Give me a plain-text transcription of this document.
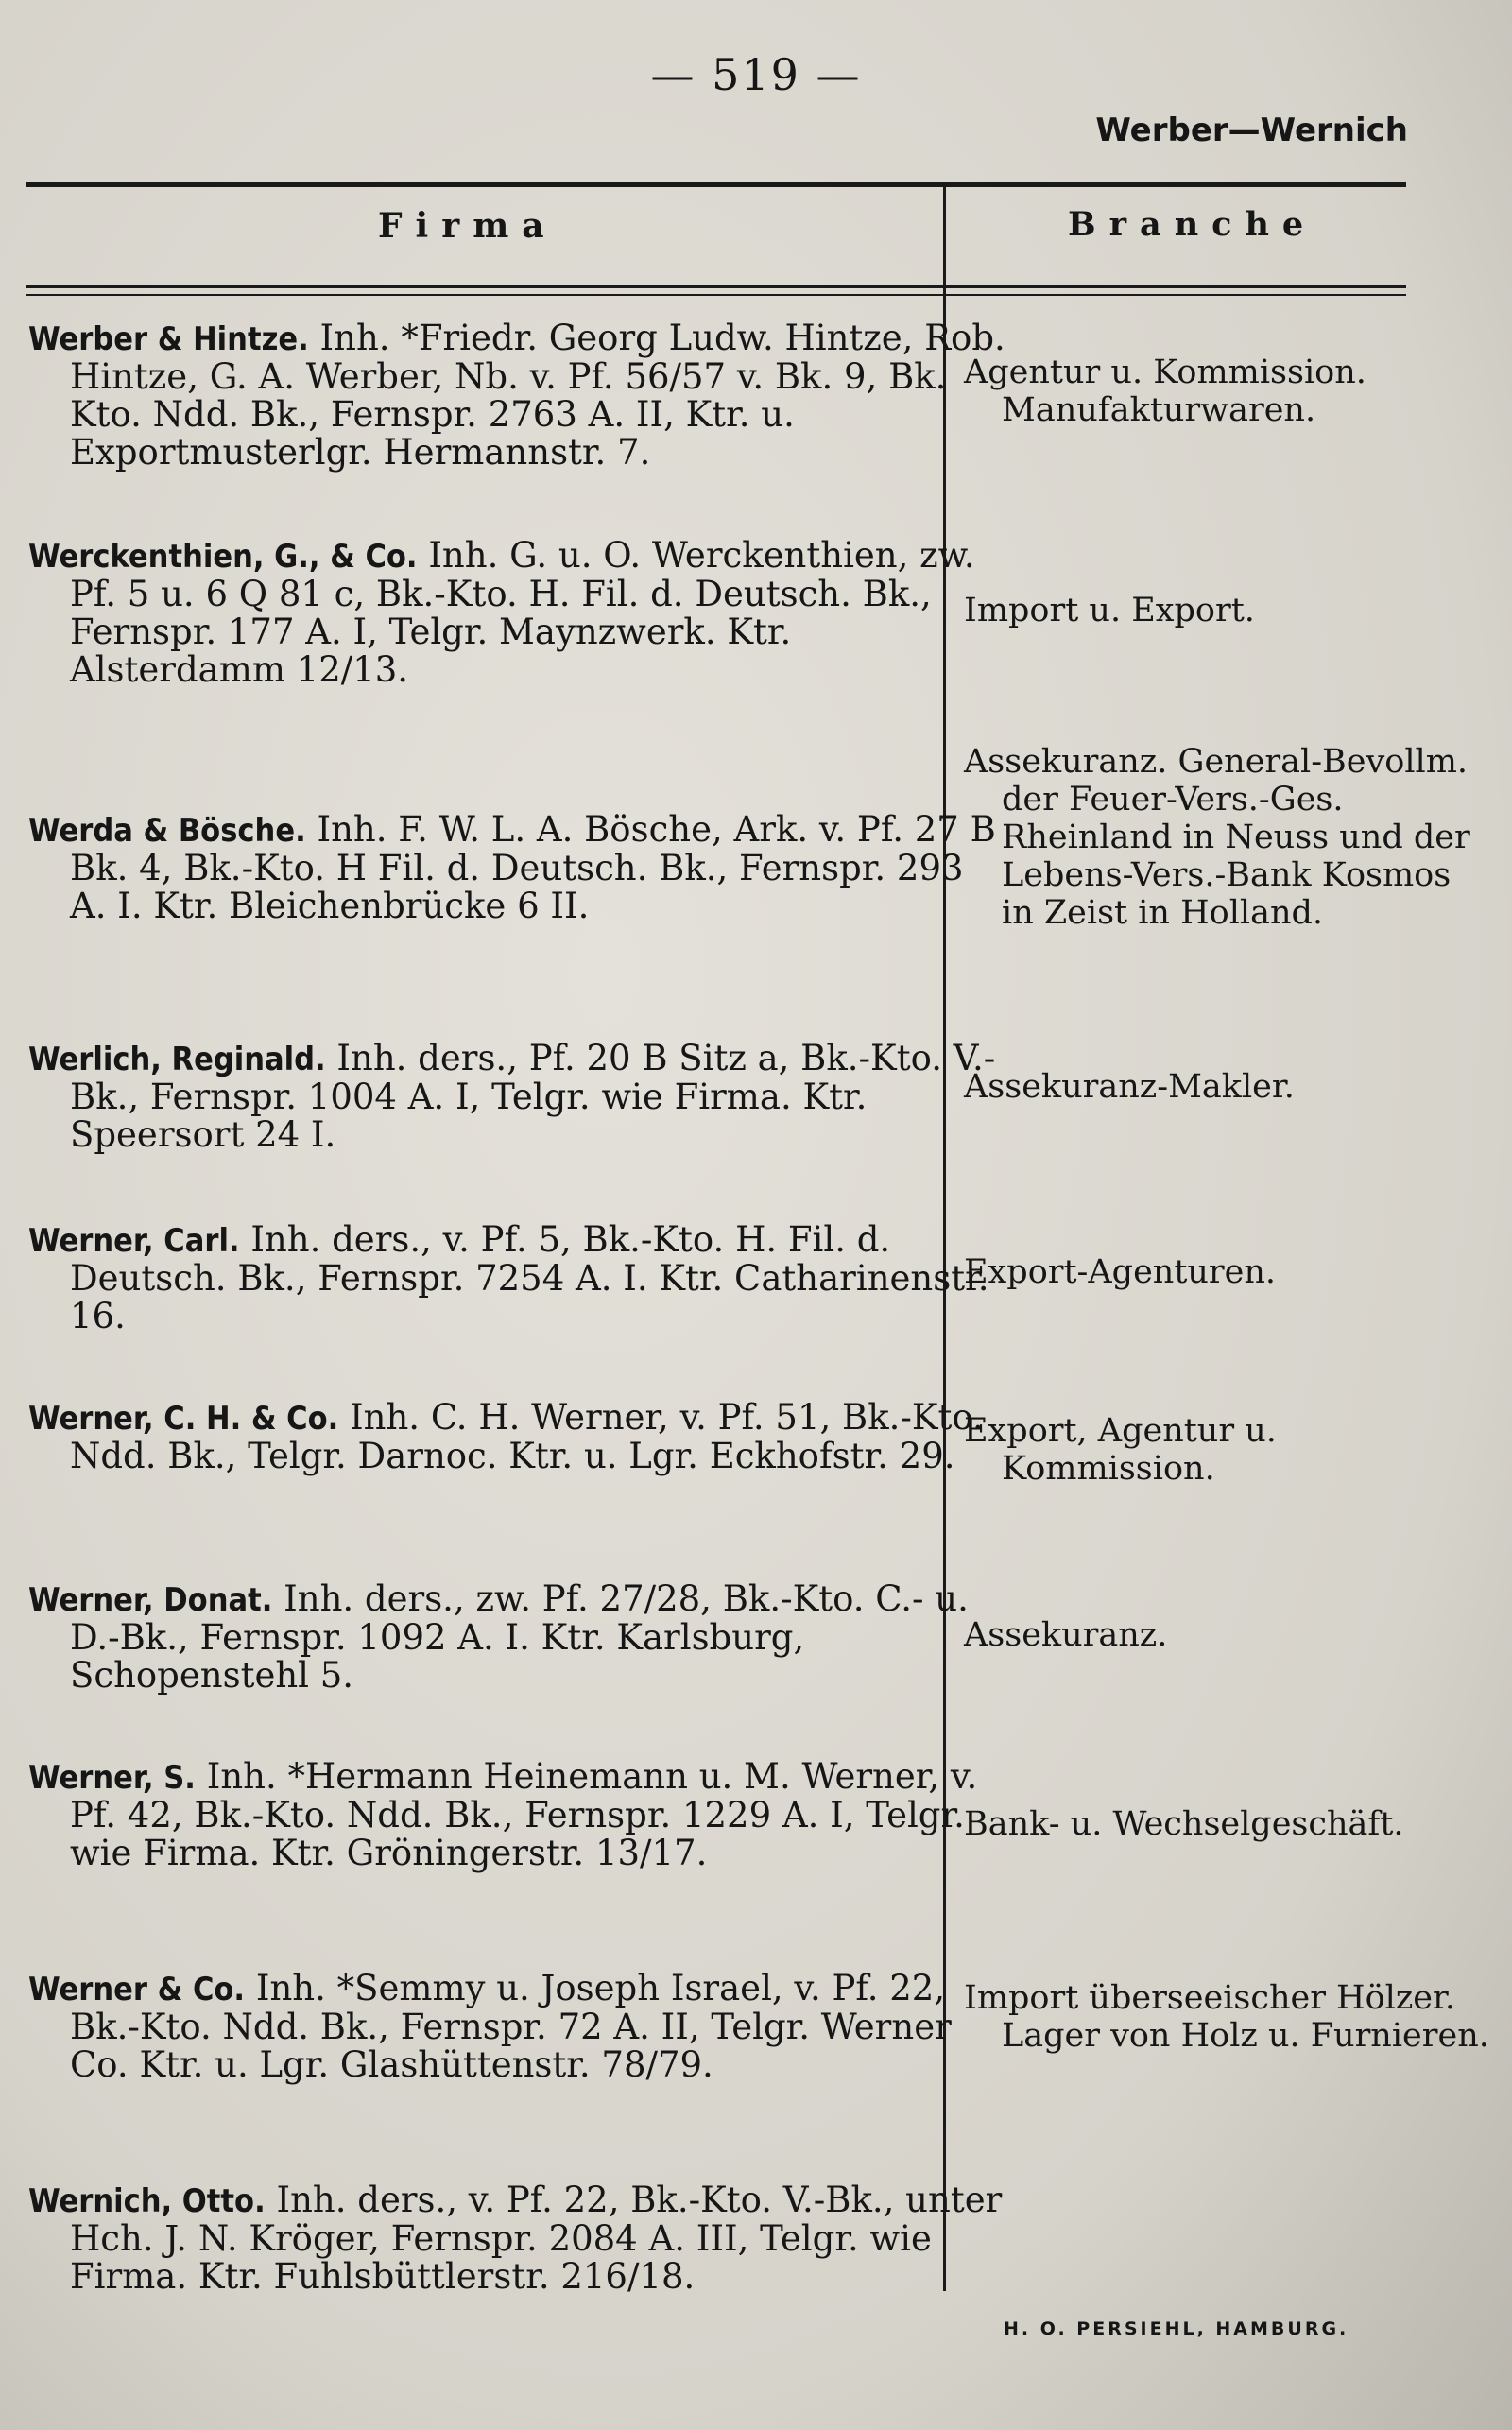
— 519 —
Werber—Wernich
Firma	Branche
Werber & Hintze. Inh. *Friedr. Georg Ludw. Hintze, Rob. Hintze, G. A. Werber, Nb. v. Pf. 56/57 v. Bk. 9, Bk. Kto. Ndd. Bk., Fernspr. 2763 A. II, Ktr. u. Exportmusterlgr. Hermannstr. 7.
Agentur u. Kommission. Manufakturwaren.
Werckenthien, G., & Co. Inh. G. u. O. Werckenthien, zw. Pf. 5 u. 6 Q 81 c, Bk.-Kto. H. Fil. d. Deutsch. Bk., Fernspr. 177 A. I, Telgr. Maynzwerk. Ktr. Alsterdamm 12/13.
Import u. Export.
Werda & Bösche. Inh. F. W. L. A. Bösche, Ark. v. Pf. 27 B Bk. 4, Bk.-Kto. H Fil. d. Deutsch. Bk., Fernspr. 293 A. I. Ktr. Bleichenbrücke 6 II.
Assekuranz. General-Bevollm. der Feuer-Vers.-Ges. Rheinland in Neuss und der Lebens-Vers.-Bank Kosmos in Zeist in Holland.
Werlich, Reginald. Inh. ders., Pf. 20 B Sitz a, Bk.-Kto. V.-Bk., Fernspr. 1004 A. I, Telgr. wie Firma. Ktr. Speersort 24 I.
Assekuranz-Makler.
Werner, Carl. Inh. ders., v. Pf. 5, Bk.-Kto. H. Fil. d. Deutsch. Bk., Fernspr. 7254 A. I. Ktr. Catharinenstr. 16.
Export-Agenturen.
Werner, C. H. & Co. Inh. C. H. Werner, v. Pf. 51, Bk.-Kto. Ndd. Bk., Telgr. Darnoc. Ktr. u. Lgr. Eckhofstr. 29.
Export, Agentur u. Kommission.
Werner, Donat. Inh. ders., zw. Pf. 27/28, Bk.-Kto. C.- u. D.-Bk., Fernspr. 1092 A. I. Ktr. Karlsburg, Schopenstehl 5.
Assekuranz.
Werner, S. Inh. *Hermann Heinemann u. M. Werner, v. Pf. 42, Bk.-Kto. Ndd. Bk., Fernspr. 1229 A. I, Telgr. wie Firma. Ktr. Gröningerstr. 13/17.
Bank- u. Wechselgeschäft.
Werner & Co. Inh. *Semmy u. Joseph Israel, v. Pf. 22, Bk.-Kto. Ndd. Bk., Fernspr. 72 A. II, Telgr. Werner Co. Ktr. u. Lgr. Glashüttenstr. 78/79.
Import überseeischer Hölzer. Lager von Holz u. Furnieren.
Wernich, Otto. Inh. ders., v. Pf. 22, Bk.-Kto. V.-Bk., unter Hch. J. N. Kröger, Fernspr. 2084 A. III, Telgr. wie Firma. Ktr. Fuhlsbüttlerstr. 216/18.
H. O. PERSIEHL, HAMBURG.
